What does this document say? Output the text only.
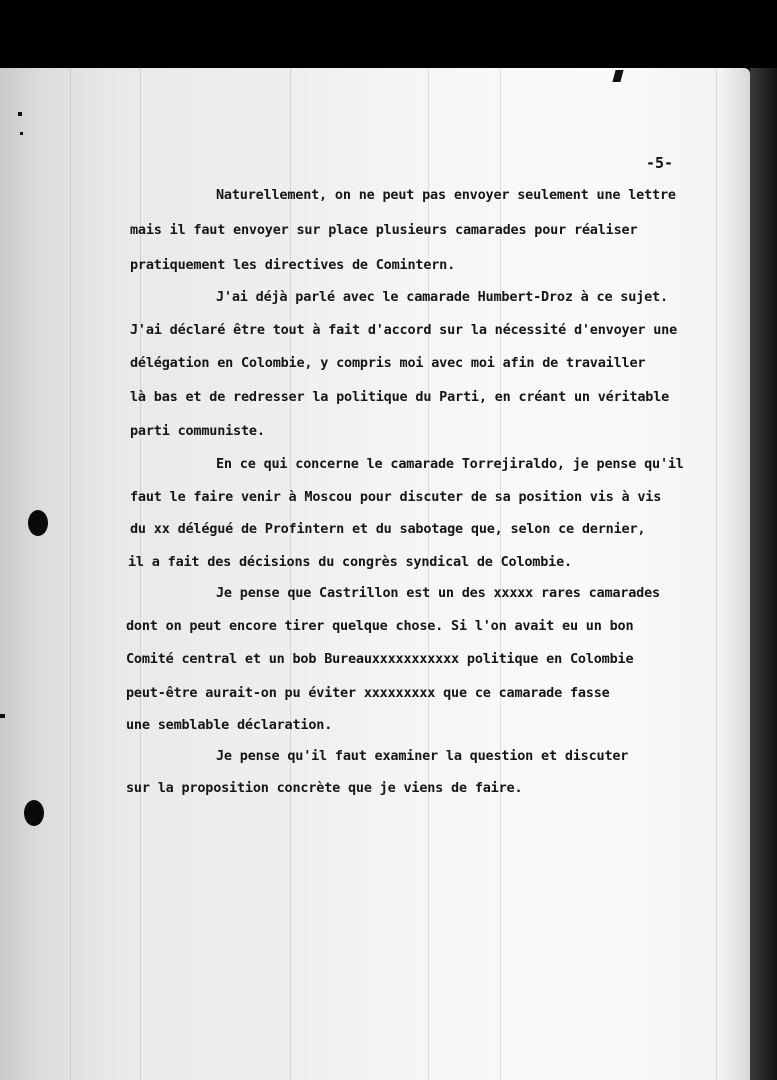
-5-
Naturellement, on ne peut pas envoyer seulement une lettre
mais il faut envoyer sur place plusieurs camarades pour réaliser
pratiquement les directives de Comintern.
J'ai déjà parlé avec le camarade Humbert-Droz à ce sujet.
J'ai déclaré être tout à fait d'accord sur la nécessité d'envoyer une
délégation en Colombie, y compris moi avec moi afin de travailler
là bas et de redresser la politique du Parti, en créant un véritable
parti communiste.
En ce qui concerne le camarade Torrejiraldo, je pense qu'il
faut le faire venir à Moscou pour discuter de sa position vis à vis
du xx délégué de Profintern et du sabotage que, selon ce dernier,
il a fait des décisions du congrès syndical de Colombie.
Je pense que Castrillon est un des xxxxx rares camarades
dont on peut encore tirer quelque chose. Si l'on avait eu un bon
Comité central et un bob Bureauxxxxxxxxxxx politique en Colombie
peut-être aurait-on pu éviter xxxxxxxxx que ce camarade fasse
une semblable déclaration.
Je pense qu'il faut examiner la question et discuter
sur la proposition concrète que je viens de faire.
